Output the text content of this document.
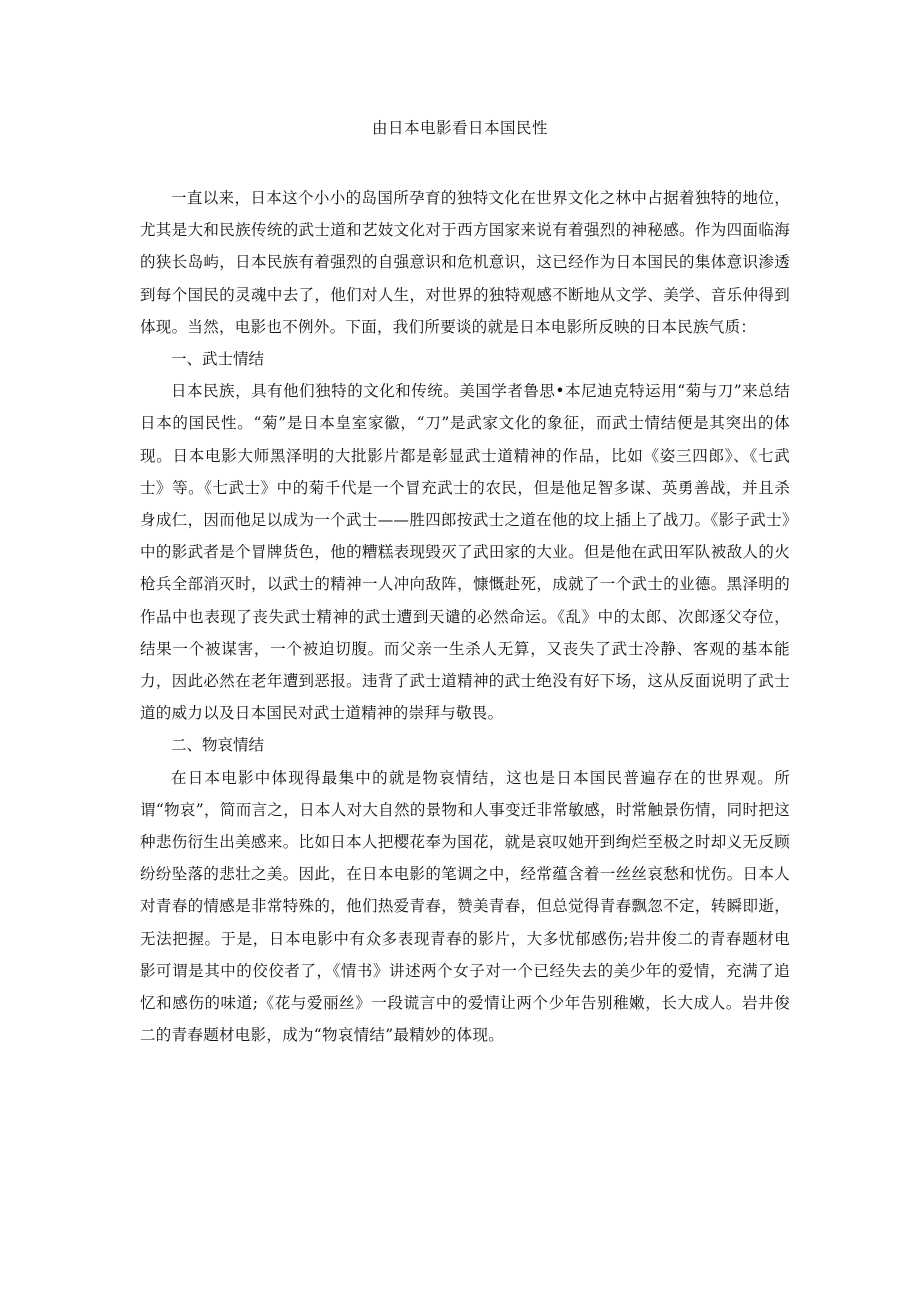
由日本电影看日本国民性

一直以来，日本这个小小的岛国所孕育的独特文化在世界文化之林中占据着独特的地位，尤其是大和民族传统的武士道和艺妓文化对于西方国家来说有着强烈的神秘感。作为四面临海的狭长岛屿，日本民族有着强烈的自强意识和危机意识，这已经作为日本国民的集体意识渗透到每个国民的灵魂中去了，他们对人生，对世界的独特观感不断地从文学、美学、音乐仲得到体现。当然，电影也不例外。下面，我们所要谈的就是日本电影所反映的日本民族气质：

一、武士情结

日本民族，具有他们独特的文化和传统。美国学者鲁思•本尼迪克特运用“菊与刀”来总结日本的国民性。“菊”是日本皇室家徽，“刀”是武家文化的象征，而武士情结便是其突出的体现。日本电影大师黑泽明的大批影片都是彰显武士道精神的作品，比如《姿三四郎》、《七武士》等。《七武士》中的菊千代是一个冒充武士的农民，但是他足智多谋、英勇善战，并且杀身成仁，因而他足以成为一个武士——胜四郎按武士之道在他的坟上插上了战刀。《影子武士》中的影武者是个冒牌货色，他的糟糕表现毁灭了武田家的大业。但是他在武田军队被敌人的火枪兵全部消灭时，以武士的精神一人冲向敌阵，慷慨赴死，成就了一个武士的业德。黑泽明的作品中也表现了丧失武士精神的武士遭到天谴的必然命运。《乱》中的太郎、次郎逐父夺位，结果一个被谋害，一个被迫切腹。而父亲一生杀人无算，又丧失了武士冷静、客观的基本能力，因此必然在老年遭到恶报。违背了武士道精神的武士绝没有好下场，这从反面说明了武士道的威力以及日本国民对武士道精神的崇拜与敬畏。

二、物哀情结

在日本电影中体现得最集中的就是物哀情结，这也是日本国民普遍存在的世界观。所谓“物哀”，简而言之，日本人对大自然的景物和人事变迁非常敏感，时常触景伤情，同时把这种悲伤衍生出美感来。比如日本人把樱花奉为国花，就是哀叹她开到绚烂至极之时却义无反顾纷纷坠落的悲壮之美。因此，在日本电影的笔调之中，经常蕴含着一丝丝哀愁和忧伤。日本人对青春的情感是非常特殊的，他们热爱青春，赞美青春，但总觉得青春飘忽不定，转瞬即逝，无法把握。于是，日本电影中有众多表现青春的影片，大多忧郁感伤;岩井俊二的青春题材电影可谓是其中的佼佼者了，《情书》讲述两个女子对一个已经失去的美少年的爱情，充满了追忆和感伤的味道;《花与爱丽丝》一段谎言中的爱情让两个少年告别稚嫩，长大成人。岩井俊二的青春题材电影，成为“物哀情结”最精妙的体现。
